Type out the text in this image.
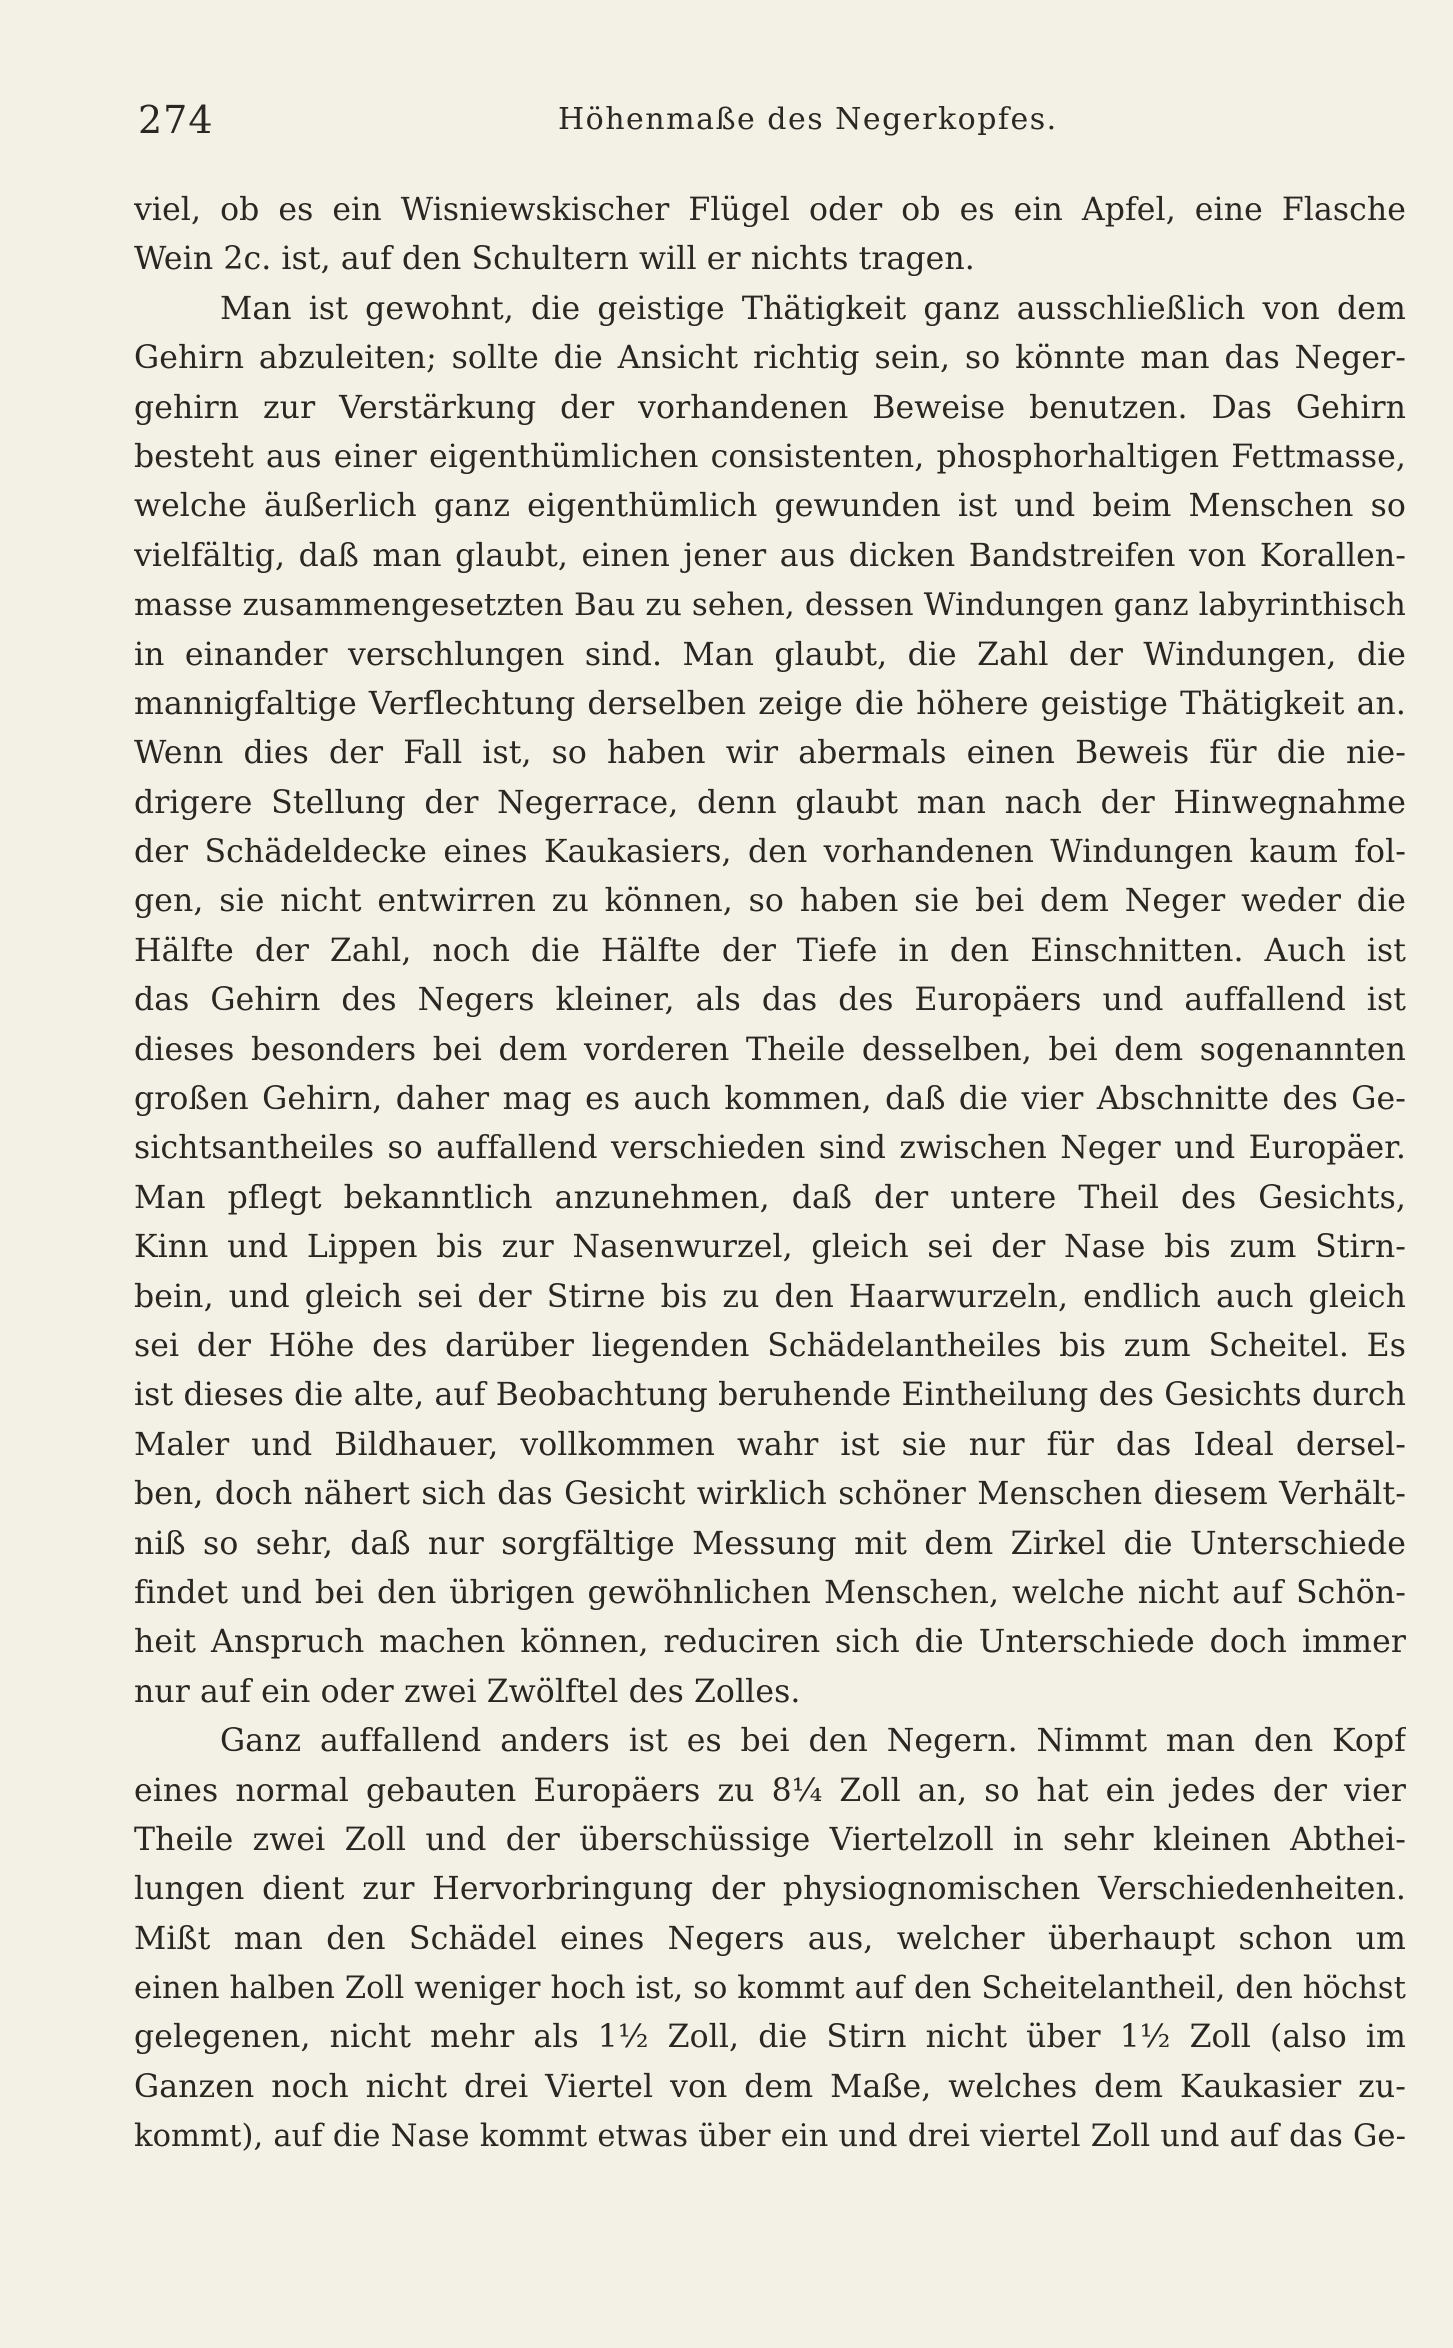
274	Höhenmaße des Negerkopfes.
viel, ob es ein Wisniewskischer Flügel oder ob es ein Apfel, eine Flasche
Wein 2c. ist, auf den Schultern will er nichts tragen.
Man ist gewohnt, die geistige Thätigkeit ganz ausschließlich von dem
Gehirn abzuleiten; sollte die Ansicht richtig sein, so könnte man das Neger-
gehirn zur Verstärkung der vorhandenen Beweise benutzen. Das Gehirn
besteht aus einer eigenthümlichen consistenten, phosphorhaltigen Fettmasse,
welche äußerlich ganz eigenthümlich gewunden ist und beim Menschen so
vielfältig, daß man glaubt, einen jener aus dicken Bandstreifen von Korallen-
masse zusammengesetzten Bau zu sehen, dessen Windungen ganz labyrinthisch
in einander verschlungen sind. Man glaubt, die Zahl der Windungen, die
mannigfaltige Verflechtung derselben zeige die höhere geistige Thätigkeit an.
Wenn dies der Fall ist, so haben wir abermals einen Beweis für die nie-
drigere Stellung der Negerrace, denn glaubt man nach der Hinwegnahme
der Schädeldecke eines Kaukasiers, den vorhandenen Windungen kaum fol-
gen, sie nicht entwirren zu können, so haben sie bei dem Neger weder die
Hälfte der Zahl, noch die Hälfte der Tiefe in den Einschnitten. Auch ist
das Gehirn des Negers kleiner, als das des Europäers und auffallend ist
dieses besonders bei dem vorderen Theile desselben, bei dem sogenannten
großen Gehirn, daher mag es auch kommen, daß die vier Abschnitte des Ge-
sichtsantheiles so auffallend verschieden sind zwischen Neger und Europäer.
Man pflegt bekanntlich anzunehmen, daß der untere Theil des Gesichts,
Kinn und Lippen bis zur Nasenwurzel, gleich sei der Nase bis zum Stirn-
bein, und gleich sei der Stirne bis zu den Haarwurzeln, endlich auch gleich
sei der Höhe des darüber liegenden Schädelantheiles bis zum Scheitel. Es
ist dieses die alte, auf Beobachtung beruhende Eintheilung des Gesichts durch
Maler und Bildhauer, vollkommen wahr ist sie nur für das Ideal dersel-
ben, doch nähert sich das Gesicht wirklich schöner Menschen diesem Verhält-
niß so sehr, daß nur sorgfältige Messung mit dem Zirkel die Unterschiede
findet und bei den übrigen gewöhnlichen Menschen, welche nicht auf Schön-
heit Anspruch machen können, reduciren sich die Unterschiede doch immer
nur auf ein oder zwei Zwölftel des Zolles.
Ganz auffallend anders ist es bei den Negern. Nimmt man den Kopf
eines normal gebauten Europäers zu 8¼ Zoll an, so hat ein jedes der vier
Theile zwei Zoll und der überschüssige Viertelzoll in sehr kleinen Abthei-
lungen dient zur Hervorbringung der physiognomischen Verschiedenheiten.
Mißt man den Schädel eines Negers aus, welcher überhaupt schon um
einen halben Zoll weniger hoch ist, so kommt auf den Scheitelantheil, den höchst
gelegenen, nicht mehr als 1½ Zoll, die Stirn nicht über 1½ Zoll (also im
Ganzen noch nicht drei Viertel von dem Maße, welches dem Kaukasier zu-
kommt), auf die Nase kommt etwas über ein und drei viertel Zoll und auf das Ge-
